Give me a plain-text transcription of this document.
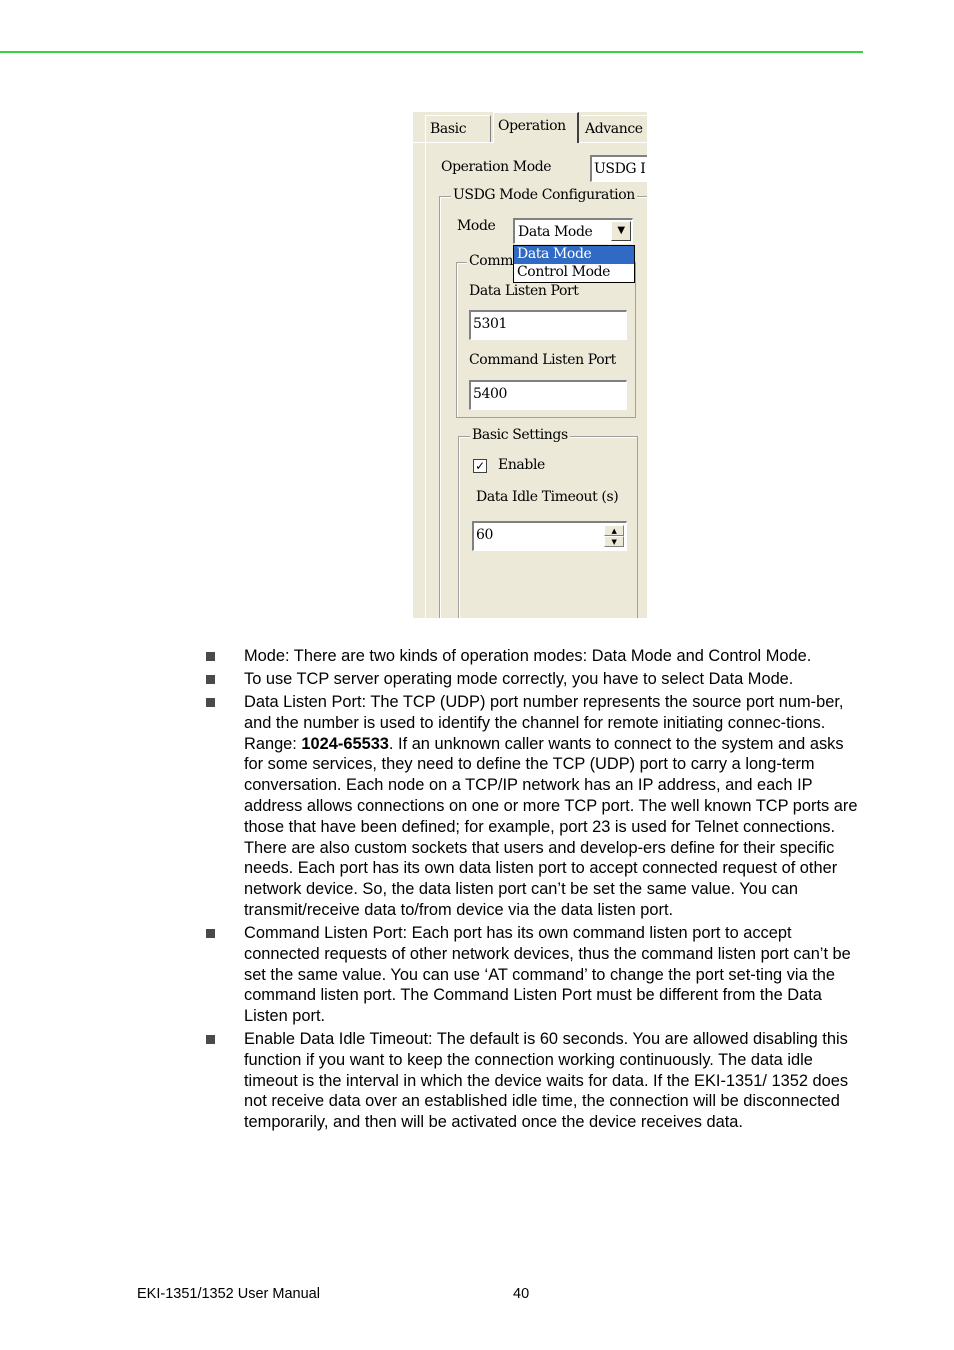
Basic	Operation	Advance
Operation Mode	USDG I
USDG Mode Configuration
Mode Data Mode	▼
Data Mode
Control Mode
Comm
Data Listen Port
5301
Command Listen Port
5400
Basic Settings
✓ Enable
Data Idle Timeout (s)
60	▲
▼
Mode: There are two kinds of operation modes: Data Mode and Control Mode.
To use TCP server operating mode correctly, you have to select Data Mode.
Data Listen Port: The TCP (UDP) port number represents the source port num-ber, and the number is used to identify the channel for remote initiating connec-tions. Range: 1024-65533. If an unknown caller wants to connect to the system and asks for some services, they need to define the TCP (UDP) port to carry a long-term conversation. Each node on a TCP/IP network has an IP address, and each IP address allows connections on one or more TCP port. The well known TCP ports are those that have been defined; for example, port 23 is used for Telnet connections. There are also custom sockets that users and develop-ers define for their specific needs. Each port has its own data listen port to accept connected request of other network device. So, the data listen port can’t be set the same value. You can transmit/receive data to/from device via the data listen port.
Command Listen Port: Each port has its own command listen port to accept connected requests of other network devices, thus the command listen port can’t be set the same value. You can use ‘AT command’ to change the port set-ting via the command listen port. The Command Listen Port must be different from the Data Listen port.
Enable Data Idle Timeout: The default is 60 seconds. You are allowed disabling this function if you want to keep the connection working continuously. The data idle timeout is the interval in which the device waits for data. If the EKI-1351/ 1352 does not receive data over an established idle time, the connection will be disconnected temporarily, and then will be activated once the device receives data.
EKI-1351/1352 User Manual	40
